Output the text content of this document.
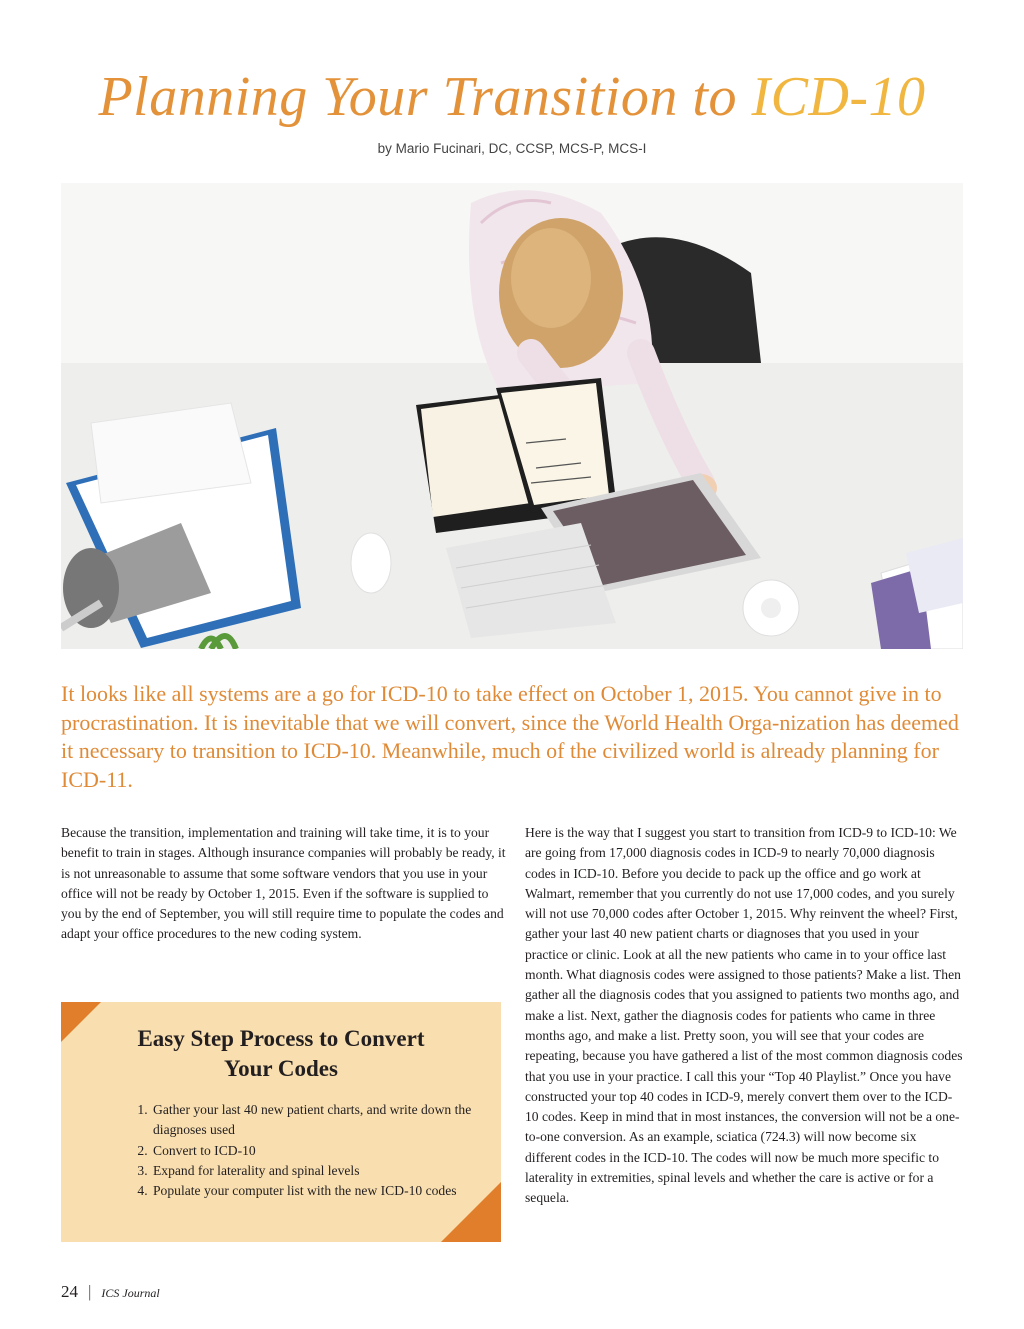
Planning Your Transition to ICD-10
by Mario Fucinari, DC, CCSP, MCS-P, MCS-I
It looks like all systems are a go for ICD-10 to take effect on October 1, 2015. You cannot give in to procrastination. It is inevitable that we will convert, since the World Health Orga-nization has deemed it necessary to transition to ICD-10. Meanwhile, much of the civilized world is already planning for ICD-11.
Because the transition, implementation and training will take time, it is to your benefit to train in stages. Although insurance companies will probably be ready, it is not unreasonable to assume that some software vendors that you use in your office will not be ready by October 1, 2015. Even if the software is supplied to you by the end of September, you will still require time to populate the codes and adapt your office procedures to the new coding system.
Here is the way that I suggest you start to transition from ICD-9 to ICD-10: We are going from 17,000 diagnosis codes in ICD-9 to nearly 70,000 diagnosis codes in ICD-10. Before you decide to pack up the office and go work at Walmart, remember that you currently do not use 17,000 codes, and you surely will not use 70,000 codes after October 1, 2015. Why reinvent the wheel? First, gather your last 40 new patient charts or diagnoses that you used in your practice or clinic. Look at all the new patients who came in to your office last month. What diagnosis codes were assigned to those patients? Make a list. Then gather all the diagnosis codes that you assigned to patients two months ago, and make a list. Next, gather the diagnosis codes for patients who came in three months ago, and make a list. Pretty soon, you will see that your codes are repeating, because you have gathered a list of the most common diagnosis codes that you use in your practice. I call this your “Top 40 Playlist.” Once you have constructed your top 40 codes in ICD-9, merely convert them over to the ICD-10 codes. Keep in mind that in most instances, the conversion will not be a one-to-one conversion. As an example, sciatica (724.3) will now become six different codes in the ICD-10. The codes will now be much more specific to laterality in extremities, spinal levels and whether the care is active or for a sequela.
Easy Step Process to Convert
Your Codes
1. Gather your last 40 new patient charts, and write down the diagnoses used
2. Convert to ICD-10
3. Expand for laterality and spinal levels
4. Populate your computer list with the new ICD-10 codes
24 | ICS Journal
